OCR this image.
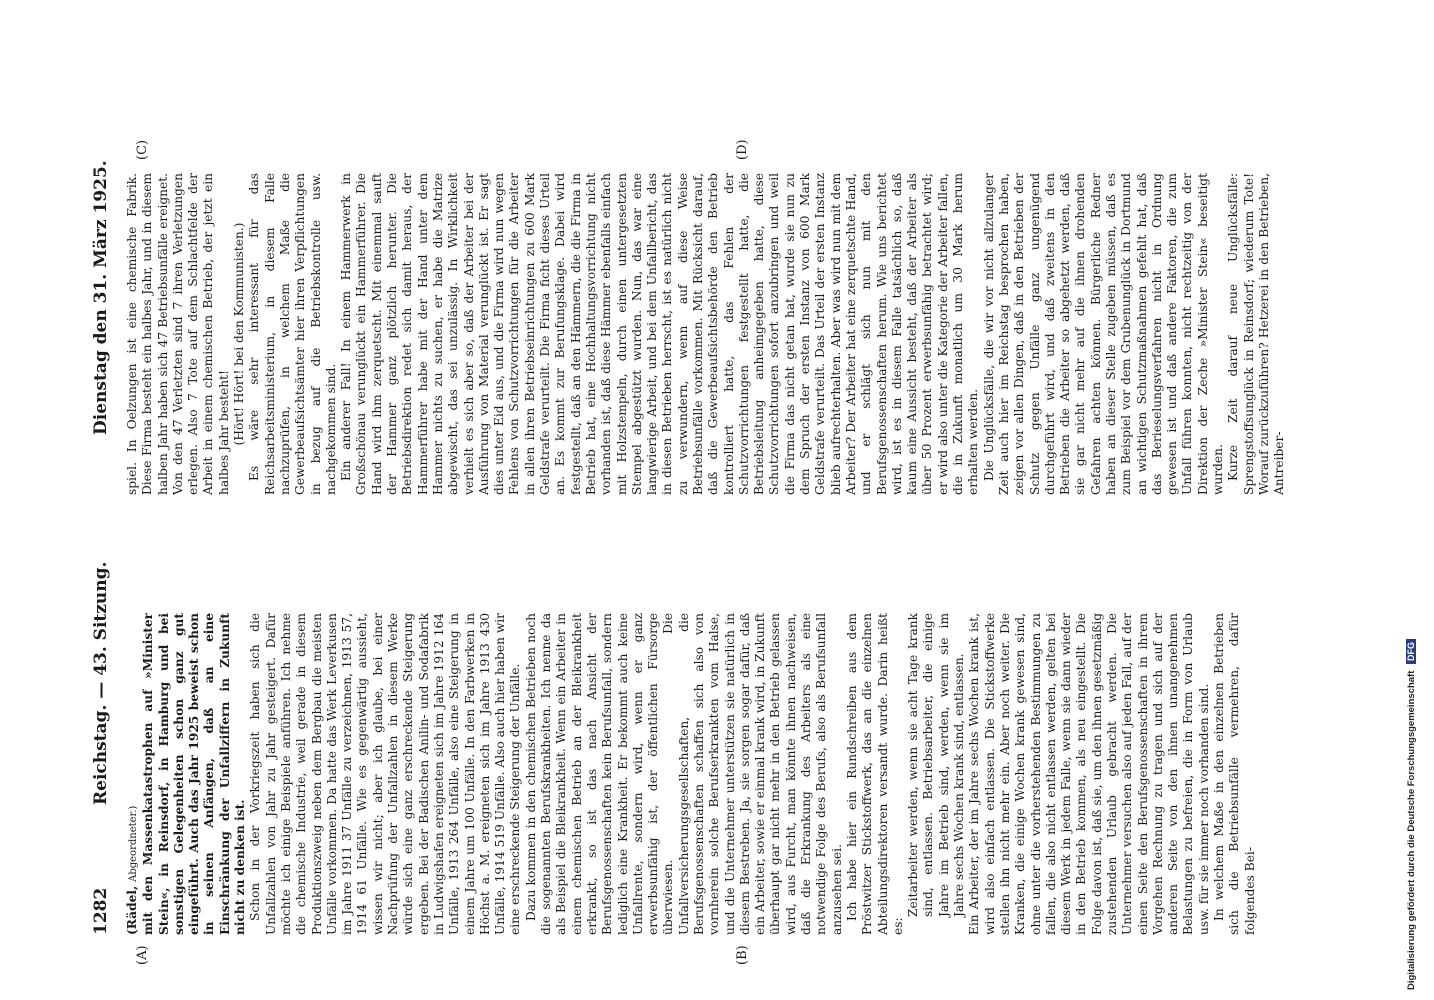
1282
Reichstag. — 43. Sitzung.
Dienstag den 31. März 1925.
(A)	(B)
(C)	(D)

(Rädel, Abgeordneter.) mit den Massenkatastrophen auf »Minister Stein«, in Reinsdorf, in Hamburg und bei sonstigen Gelegenheiten schon ganz gut eingeführt. Auch das Jahr 1925 beweist schon in seinen Anfängen, daß an eine Einschränkung der Unfallziffern in Zukunft nicht zu denken ist. Schon in der Vorkriegszeit haben sich die Unfallzahlen von Jahr zu Jahr gesteigert. Dafür möchte ich einige Beispiele anführen. Ich nehme die chemische Industrie, weil gerade in diesem Produktionszweig neben dem Bergbau die meisten Unfälle vorkommen. Da hatte das Werk Leverkusen im Jahre 1911 37 Unfälle zu verzeichnen, 1913 57, 1914 61 Unfälle. Wie es gegenwärtig aussieht, wissen wir nicht; aber ich glaube, bei einer Nachprüfung der Unfallzahlen in diesem Werke würde sich eine ganz erschreckende Steigerung ergeben. Bei der Badischen Anilin- und Sodafabrik in Ludwigshafen ereigneten sich im Jahre 1912 164 Unfälle, 1913 264 Unfälle, also eine Steigerung in einem Jahre um 100 Unfälle. In den Farbwerken in Höchst a. M. ereigneten sich im Jahre 1913 430 Unfälle, 1914 519 Unfälle. Also auch hier haben wir eine erschreckende Steigerung der Unfälle. Dazu kommen in den chemischen Betrieben noch die sogenannten Berufskrankheiten. Ich nenne da als Beispiel die Bleikrankheit. Wenn ein Arbeiter in einem chemischen Betrieb an der Bleikrankheit erkrankt, so ist das nach Ansicht der Berufsgenossenschaften kein Berufsunfall, sondern lediglich eine Krankheit. Er bekommt auch keine Unfallrente, sondern wird, wenn er ganz erwerbsunfähig ist, der öffentlichen Fürsorge überwiesen. Die Unfallversicherungsgesellschaften, die Berufsgenossenschaften schaffen sich also von vornherein solche Berufserkrankten vom Halse, und die Unternehmer unterstützen sie natürlich in diesem Bestreben. Ja, sie sorgen sogar dafür, daß ein Arbeiter, sowie er einmal krank wird, in Zukunft überhaupt gar nicht mehr in den Betrieb gelassen wird, aus Furcht, man könnte ihnen nachweisen, daß die Erkrankung des Arbeiters als eine notwendige Folge des Berufs, also als Berufsunfall anzusehen sei. Ich habe hier ein Rundschreiben aus dem Pröstwitzer Stickstoffwerk, das an die einzelnen Abteilungsdirektoren versandt wurde. Darin heißt es:

Zeitarbeiter werden, wenn sie acht Tage krank sind, entlassen. Betriebsarbeiter, die einige Jahre im Betrieb sind, werden, wenn sie im Jahre sechs Wochen krank sind, entlassen. Ein Arbeiter, der im Jahre sechs Wochen krank ist, wird also einfach entlassen. Die Stickstoffwerke stellen ihn nicht mehr ein. Aber noch weiter. Die Kranken, die einige Wochen krank gewesen sind, ohne unter die vorherstehenden Bestimmungen zu fallen, die also nicht entlassen werden, gelten bei diesem Werk in jedem Falle, wenn sie dann wieder in den Betrieb kommen, als neu eingestellt. Die Folge davon ist, daß sie, um den ihnen gesetzmäßig zustehenden Urlaub gebracht werden. Die Unternehmer versuchen also auf jeden Fall, auf der einen Seite den Berufsgenossenschaften in ihrem Vorgehen Rechnung zu tragen und sich auf der anderen Seite von den ihnen unangenehmen Belastungen zu befreien, die in Form von Urlaub usw. für sie immer noch vorhanden sind. In welchem Maße in den einzelnen Betrieben sich die Betriebsunfälle vermehren, dafür folgendes Bei-

spiel. In Oelzungen ist eine chemische Fabrik. Diese Firma besteht ein halbes Jahr, und in diesem halben Jahr haben sich 47 Betriebsunfälle ereignet. Von den 47 Verletzten sind 7 ihren Verletzungen erlegen. Also 7 Tote auf dem Schlachtfelde der Arbeit in einem chemischen Betrieb, der jetzt ein halbes Jahr besteht! (Hört! Hört! bei den Kommunisten.) Es wäre sehr interessant für das Reichsarbeitsministerium, in diesem Falle nachzuprüfen, in welchem Maße die Gewerbeaufsichtsämter hier ihren Verpflichtungen in bezug auf die Betriebskontrolle usw. nachgekommen sind. Ein anderer Fall! In einem Hammerwerk in Großschönau verunglückt ein Hammerführer. Die Hand wird ihm zerquetscht. Mit einemmal sauft der Hammer ganz plötzlich herunter. Die Betriebsdirektion redet sich damit heraus, der Hammerführer habe mit der Hand unter dem Hammer nichts zu suchen, er habe die Matrize abgewischt, das sei unzulässig. In Wirklichkeit verhielt es sich aber so, daß der Arbeiter bei der Ausführung von Material verunglückt ist. Er sagt dies unter Eid aus, und die Firma wird nun wegen Fehlens von Schutzvorrichtungen für die Arbeiter in allen ihren Betriebseinrichtungen zu 600 Mark Geldstrafe verurteilt. Die Firma ficht dieses Urteil an. Es kommt zur Berufungsklage. Dabei wird festgestellt, daß an den Hämmern, die die Firma in Betrieb hat, eine Hochhaltungsvorrichtung nicht vorhanden ist, daß diese Hämmer ebenfalls einfach mit Holzstempeln, durch einen untergesetzten Stempel abgestützt wurden. Nun, das war eine langwierige Arbeit, und bei dem Unfallbericht, das in diesen Betrieben herrscht, ist es natürlich nicht zu verwundern, wenn auf diese Weise Betriebsunfälle vorkommen. Mit Rücksicht darauf, daß die Gewerbeaufsichtsbehörde den Betrieb kontrolliert hatte, das Fehlen der Schutzvorrichtungen festgestellt hatte, die Betriebsleitung anheimgegeben hatte, diese Schutzvorrichtungen sofort anzubringen und weil die Firma das nicht getan hat, wurde sie nun zu dem Spruch der ersten Instanz von 600 Mark Geldstrafe verurteilt. Das Urteil der ersten Instanz blieb aufrechterhalten. Aber was wird nun mit dem Arbeiter? Der Arbeiter hat eine zerquetschte Hand, und er schlägt sich nun mit den Berufsgenossenschaften herum. Wie uns berichtet wird, ist es in diesem Falle tatsächlich so, daß kaum eine Aussicht besteht, daß der Arbeiter als über 50 Prozent erwerbsunfähig betrachtet wird; er wird also unter die Kategorie der Arbeiter fallen, die in Zukunft monatlich um 30 Mark herum erhalten werden. Die Unglücksfälle, die wir vor nicht allzulanger Zeit auch hier im Reichstag besprochen haben, zeigen vor allen Dingen, daß in den Betrieben der Schutz gegen Unfälle ganz ungenügend durchgeführt wird, und daß zweitens in den Betrieben die Arbeiter so abgehetzt werden, daß sie gar nicht mehr auf die ihnen drohenden Gefahren achten können. Bürgerliche Redner haben an dieser Stelle zugeben müssen, daß es zum Beispiel vor dem Grubenunglück in Dortmund an wichtigen Schutzmaßnahmen gefehlt hat, daß das Berieselungsverfahren nicht in Ordnung gewesen ist und daß andere Faktoren, die zum Unfall führen konnten, nicht rechtzeitig von der Direktion der Zeche »Minister Stein« beseitigt wurden. Kurze Zeit darauf neue Unglücksfälle: Sprengstoffsunglück in Reinsdorf; wiederum Tote! Worauf zurückzuführen? Hetzerei in den Betrieben, Antreiber-

Digitalisierung gefördert durch die Deutsche Forschungsgemeinschaft DFG
